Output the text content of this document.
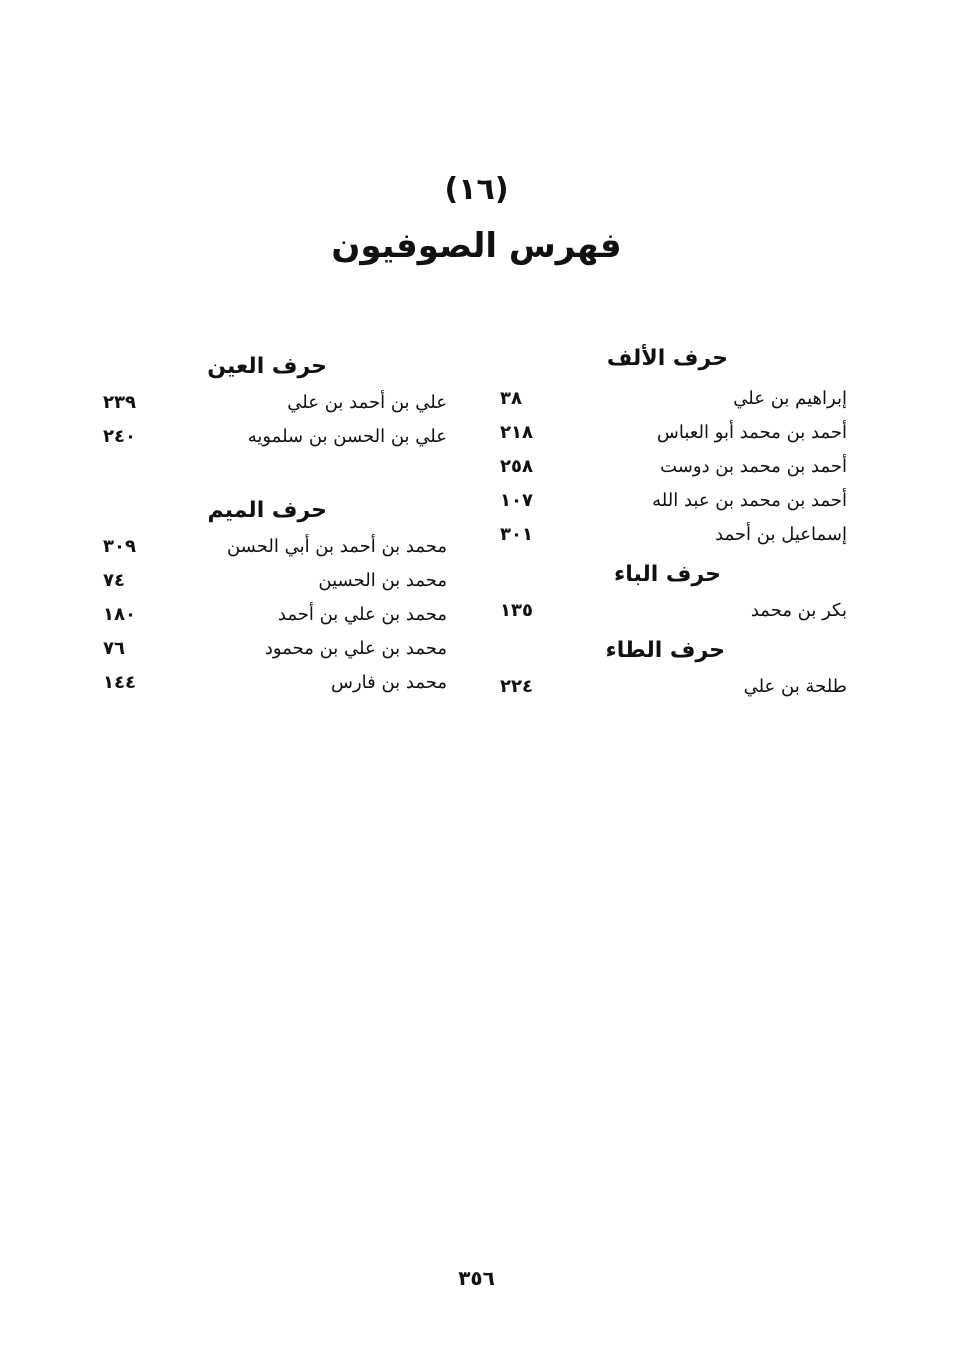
(١٦)
فهرس الصوفيون
حرف الألف
إبراهيم بن علي
٣٨
أحمد بن محمد أبو العباس
٢١٨
أحمد بن محمد بن دوست
٢٥٨
أحمد بن محمد بن عبد الله
١٠٧
إسماعيل بن أحمد
٣٠١
حرف الباء
بكر بن محمد
١٣٥
حرف الطاء
طلحة بن علي
٢٢٤
حرف العين
علي بن أحمد بن علي
٢٣٩
علي بن الحسن بن سلمويه
٢٤٠
حرف الميم
محمد بن أحمد بن أبي الحسن
٣٠٩
محمد بن الحسين
٧٤
محمد بن علي بن أحمد
١٨٠
محمد بن علي بن محمود
٧٦
محمد بن فارس
١٤٤
٣٥٦
